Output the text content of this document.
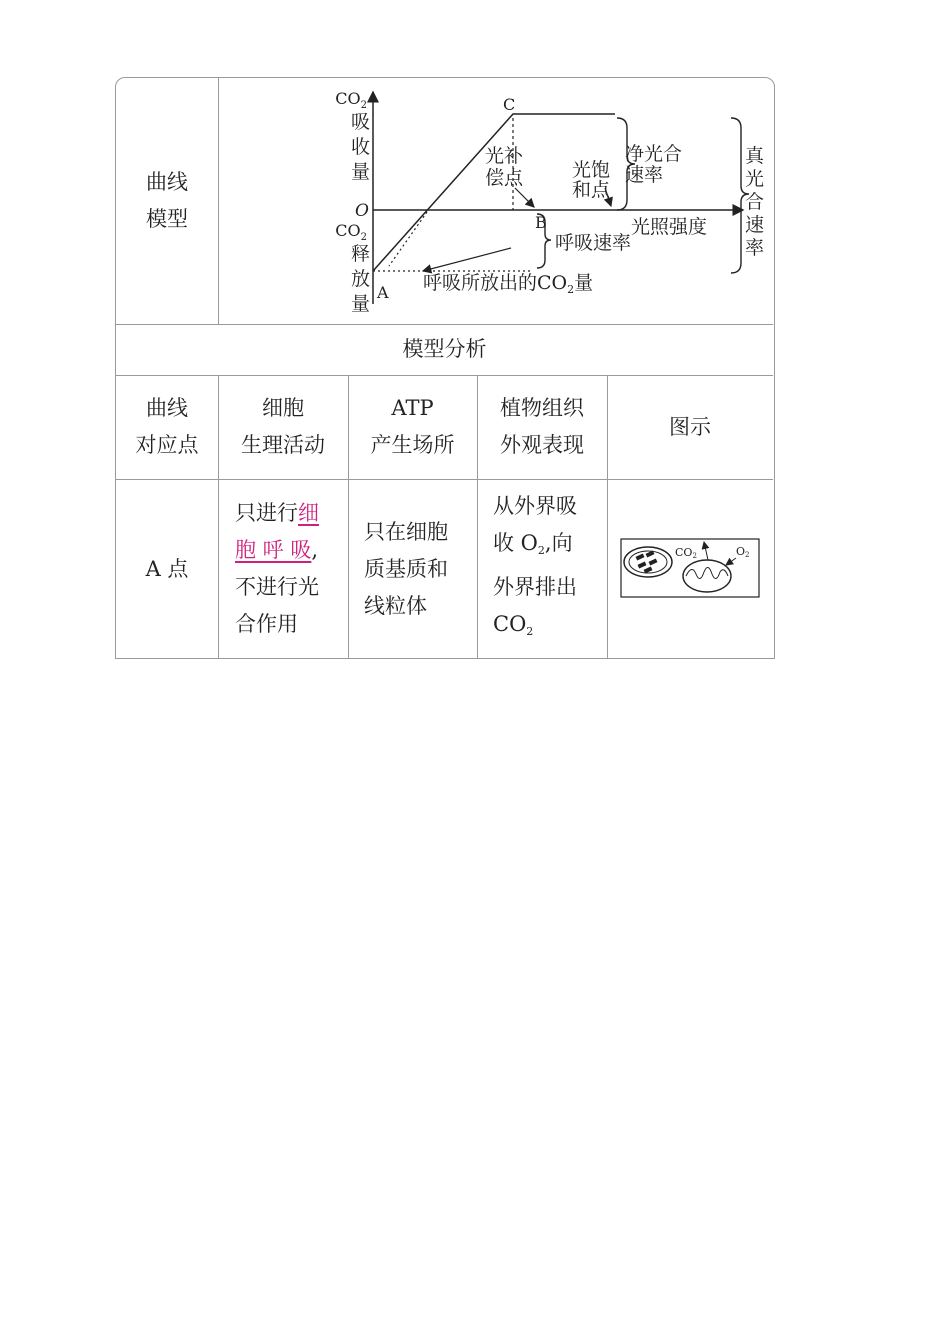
曲线
模型
$CO_2$
吸
收
量
O
$CO_2$
释
放
量
A
B
C
光补
偿点	光饱
和点
净光合
速率
光照强度
呼吸速率
呼吸所放出的$CO_2$量
真
光
合
速
率
模型分析
曲线
对应点
细胞
生理活动
ATP
产生场所
植物组织
外观表现
图示
A 点
只进行细
胞 呼 吸,
不进行光
合作用
只在细胞
质基质和
线粒体
从外界吸
收 $O_2$,向
外界排出
$CO_2$
CO2	O2
